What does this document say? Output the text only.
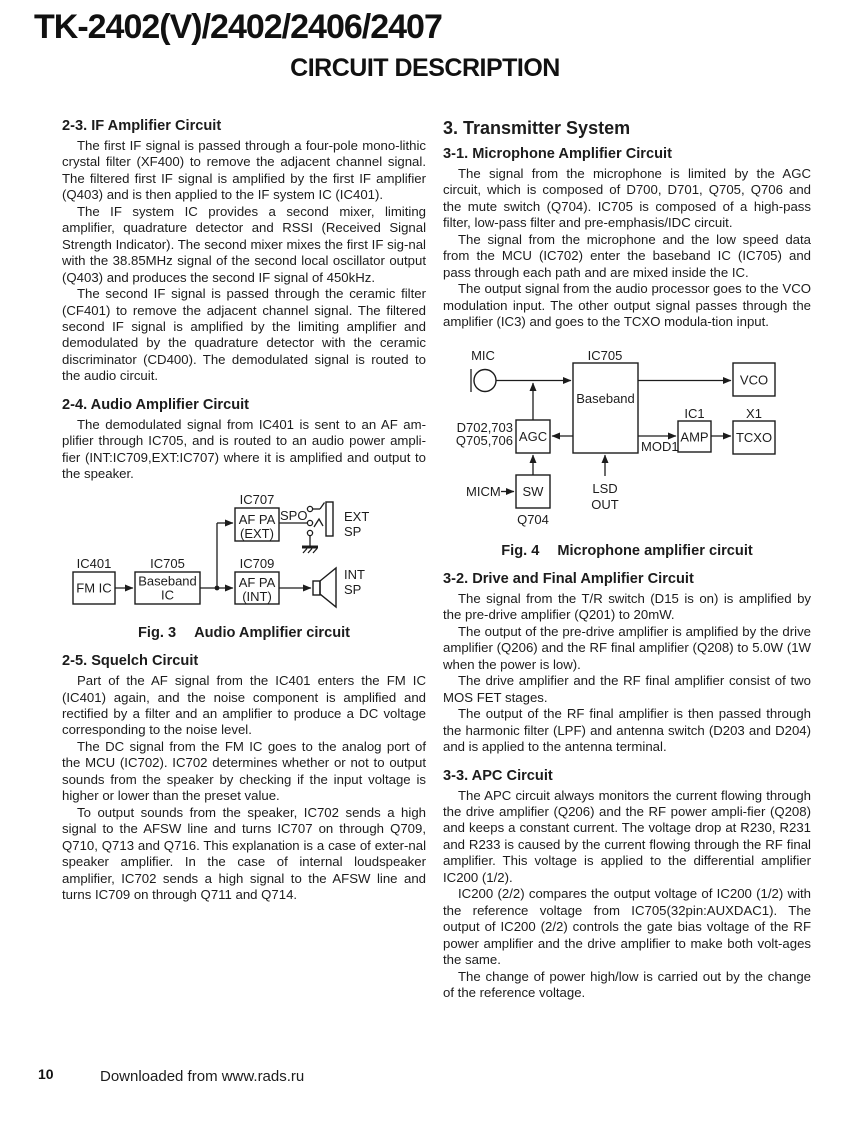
TK-2402(V)/2402/2406/2407
CIRCUIT DESCRIPTION
2-3. IF Amplifier Circuit

The first IF signal is passed through a four-pole mono-lithic crystal filter (XF400) to remove the adjacent channel signal. The filtered first IF signal is amplified by the first IF amplifier (Q403) and is then applied to the IF system IC (IC401).

The IF system IC provides a second mixer, limiting amplifier, quadrature detector and RSSI (Received Signal Strength Indicator). The second mixer mixes the first IF sig-nal with the 38.85MHz signal of the second local oscillator output (Q403) and produces the second IF signal of 450kHz.

The second IF signal is passed through the ceramic filter (CF401) to remove the adjacent channel signal. The filtered second IF signal is amplified by the limiting amplifier and demodulated by the quadrature detector with the ceramic discriminator (CD400). The demodulated signal is routed to the audio circuit.

2-4. Audio Amplifier Circuit

The demodulated signal from IC401 is sent to an AF am-plifier through IC705, and is routed to an audio power ampli-fier (INT:IC709,EXT:IC707) where it is amplified and output to the speaker.

IC401
FM IC
IC705
Baseband
IC
IC707
AF PA
(EXT)
SPO	EXT
SP
IC709
AF PA
(INT)
INT
SP
Fig. 3 Audio Amplifier circuit
2-5. Squelch Circuit

Part of the AF signal from the IC401 enters the FM IC (IC401) again, and the noise component is amplified and rectified by a filter and an amplifier to produce a DC voltage corresponding to the noise level.

The DC signal from the FM IC goes to the analog port of the MCU (IC702). IC702 determines whether or not to output sounds from the speaker by checking if the input voltage is higher or lower than the preset value.

To output sounds from the speaker, IC702 sends a high signal to the AFSW line and turns IC707 on through Q709, Q710, Q713 and Q716. This explanation is a case of exter-nal speaker amplifier. In the case of internal loudspeaker amplifier, IC702 sends a high signal to the AFSW line and turns IC709 on through Q711 and Q714.

3. Transmitter System
3-1. Microphone Amplifier Circuit

The signal from the microphone is limited by the AGC circuit, which is composed of D700, D701, Q705, Q706 and the mute switch (Q704). IC705 is composed of a high-pass filter, low-pass filter and pre-emphasis/IDC circuit.

The signal from the microphone and the low speed data from the MCU (IC702) enter the baseband IC (IC705) and pass through each path and are mixed inside the IC.

The output signal from the audio processor goes to the VCO modulation input. The other output signal passes through the amplifier (IC3) and goes to the TCXO modula-tion input.

MIC	IC705
Baseband
VCO
IC1
AMP
X1
TCXO
MOD1
AGC
D702,703
Q705,706
SW
Q704
MICM	LSD
OUT
Fig. 4 Microphone amplifier circuit
3-2. Drive and Final Amplifier Circuit

The signal from the T/R switch (D15 is on) is amplified by the pre-drive amplifier (Q201) to 20mW.

The output of the pre-drive amplifier is amplified by the drive amplifier (Q206) and the RF final amplifier (Q208) to 5.0W (1W when the power is low).

The drive amplifier and the RF final amplifier consist of two MOS FET stages.

The output of the RF final amplifier is then passed through the harmonic filter (LPF) and antenna switch (D203 and D204) and is applied to the antenna terminal.

3-3. APC Circuit

The APC circuit always monitors the current flowing through the drive amplifier (Q206) and the RF power ampli-fier (Q208) and keeps a constant current. The voltage drop at R230, R231 and R233 is caused by the current flowing through the RF final amplifier. This voltage is applied to the differential amplifier IC200 (1/2).

IC200 (2/2) compares the output voltage of IC200 (1/2) with the reference voltage from IC705(32pin:AUXDAC1). The output of IC200 (2/2) controls the gate bias voltage of the RF power amplifier and the drive amplifier to make both volt-ages the same.

The change of power high/low is carried out by the change of the reference voltage.

10	Downloaded from www.rads.ru
